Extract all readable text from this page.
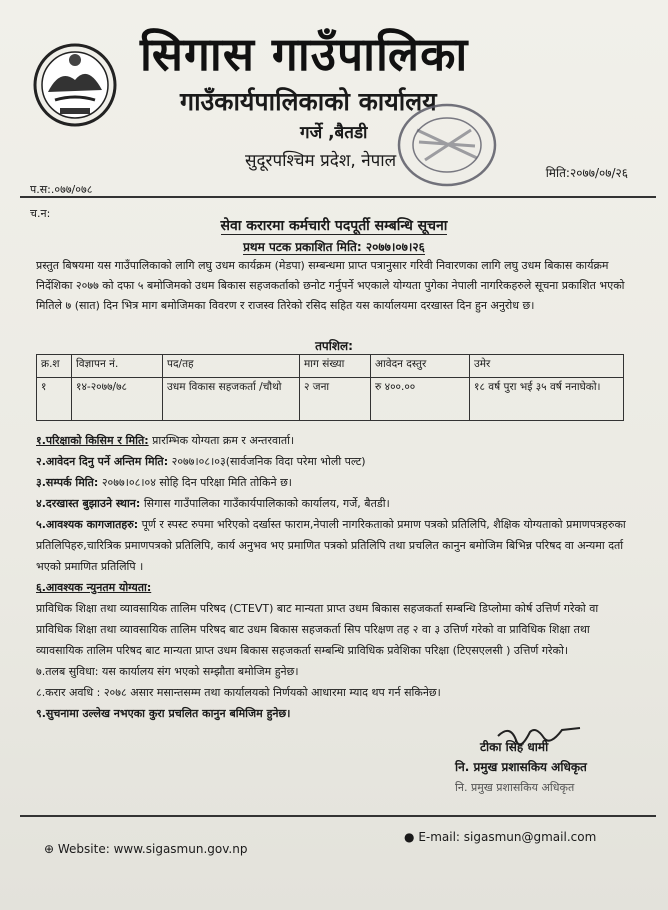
सिगास गाउँपालिका
गाउँकार्यपालिकाको कार्यालय
गर्जे ,बैतडी
सुदूरपश्चिम प्रदेश, नेपाल
मिति:२०७७/०७/२६
प.स:.०७७/०७८
च.न:
सेवा करारमा कर्मचारी पदपूर्ती सम्बन्धि सूचना
प्रथम पटक प्रकाशित मिति: २०७७।०७।२६
प्रस्तुत बिषयमा यस गाउँपालिकाको लागि लघु उधम कार्यक्रम (मेडपा) सम्बन्धमा प्राप्त पत्रानुसार गरिवी निवारणका लागि लघु उधम बिकास कार्यक्रम निर्देशिका २०७७ को दफा ५ बमोजिमको उधम बिकास सहजकर्ताको छनोट गर्नुपर्ने भएकाले योग्यता पुगेका नेपाली नागरिकहरुले सूचना प्रकाशित भएको मितिले ७ (सात) दिन भित्र माग बमोजिमका विवरण र राजस्व तिरेको रसिद सहित यस कार्यालयमा दरखास्त दिन हुन अनुरोध छ।
तपशिल:
क्र.श	विज्ञापन नं.	पद/तह	माग संख्या	आवेदन दस्तुर	उमेर
१	१४-२०७७/७८	उधम विकास सहजकर्ता /चौथो	२ जना	रु ४००.००	१८ वर्ष पुरा भई ३५ वर्ष ननाघेको।
१.परिक्षाको किसिम र मिति: प्रारम्भिक योग्यता क्रम र अन्तरवार्ता।
२.आवेदन दिनु पर्ने अन्तिम मिति: २०७७।०८।०३(सार्वजनिक विदा परेमा भोली पल्ट)
३.सम्पर्क मिति: २०७७।०८।०४ सोहि दिन परिक्षा मिति तोकिने छ।
४.दरखास्त बुझाउने स्थान: सिगास गाउँपालिका गाउँकार्यपालिकाको कार्यालय, गर्जे, बैतडी।
५.आवश्यक कागजातहरु: पूर्ण र स्पस्ट रुपमा भरिएको दर्खास्त फाराम,नेपाली नागरिकताको प्रमाण पत्रको प्रतिलिपि, शैक्षिक योग्यताको प्रमाणपत्रहरुका प्रतिलिपिहरु,चारित्रिक प्रमाणपत्रको प्रतिलिपि, कार्य अनुभव भए प्रमाणित पत्रको प्रतिलिपि तथा प्रचलित कानुन बमोजिम बिभिन्न परिषद वा अन्यमा दर्ता भएको प्रमाणित प्रतिलिपि ।
६.आवश्यक न्युनतम योग्यता:
प्राविधिक शिक्षा तथा व्यावसायिक तालिम परिषद (CTEVT) बाट मान्यता प्राप्त उधम बिकास सहजकर्ता सम्बन्धि डिप्लोमा कोर्ष उत्तिर्ण गरेको वा प्राविधिक शिक्षा तथा व्यावसायिक तालिम परिषद बाट उधम बिकास सहजकर्ता सिप परिक्षण तह २ वा ३ उत्तिर्ण गरेको वा प्राविधिक शिक्षा तथा व्यावसायिक तालिम परिषद बाट मान्यता प्राप्त उधम बिकास सहजकर्ता सम्बन्धि प्राविधिक प्रवेशिका परिक्षा (टिएसएलसी ) उत्तिर्ण गरेको।
७.तलब सुविधा: यस कार्यालय संग भएको सम्झौता बमोजिम हुनेछ।
८.करार अवधि : २०७८ असार मसान्तसम्म तथा कार्यालयको निर्णयको आधारमा म्याद थप गर्न सकिनेछ।
९.सुचनामा उल्लेख नभएका कुरा प्रचलित कानुन बमिजिम हुनेछ।
टीका सिंह धामी
नि. प्रमुख प्रशासकिय अधिकृत
नि. प्रमुख प्रशासकिय अधिकृत
⊕ Website: www.sigasmun.gov.np
● E-mail: sigasmun@gmail.com
